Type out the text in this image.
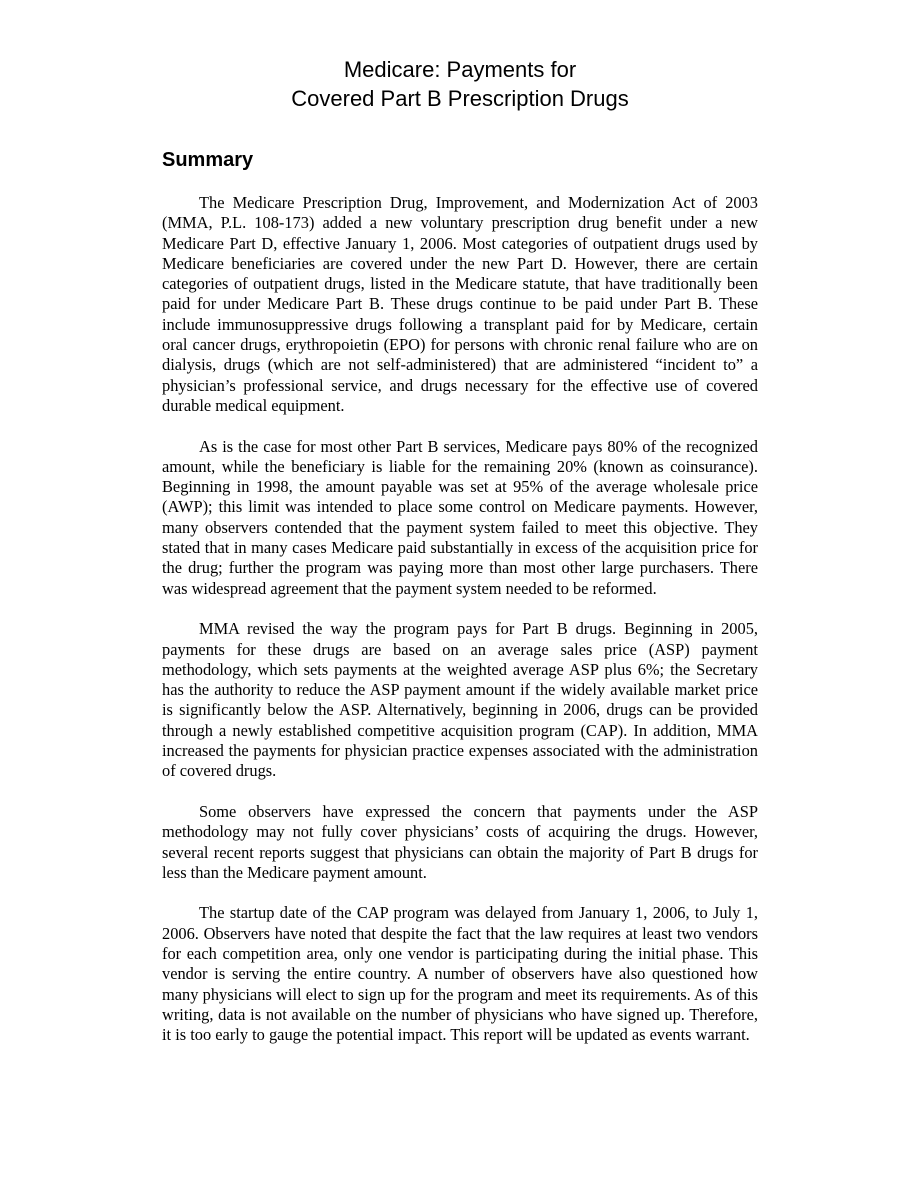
Medicare: Payments for
Covered Part B Prescription Drugs
Summary

The Medicare Prescription Drug, Improvement, and Modernization Act of 2003 (MMA, P.L. 108-173) added a new voluntary prescription drug benefit under a new Medicare Part D, effective January 1, 2006. Most categories of outpatient drugs used by Medicare beneficiaries are covered under the new Part D. However, there are certain categories of outpatient drugs, listed in the Medicare statute, that have traditionally been paid for under Medicare Part B. These drugs continue to be paid under Part B. These include immunosuppressive drugs following a transplant paid for by Medicare, certain oral cancer drugs, erythropoietin (EPO) for persons with chronic renal failure who are on dialysis, drugs (which are not self-administered) that are administered “incident to” a physician’s professional service, and drugs necessary for the effective use of covered durable medical equipment.

As is the case for most other Part B services, Medicare pays 80% of the recognized amount, while the beneficiary is liable for the remaining 20% (known as coinsurance). Beginning in 1998, the amount payable was set at 95% of the average wholesale price (AWP); this limit was intended to place some control on Medicare payments. However, many observers contended that the payment system failed to meet this objective. They stated that in many cases Medicare paid substantially in excess of the acquisition price for the drug; further the program was paying more than most other large purchasers. There was widespread agreement that the payment system needed to be reformed.

MMA revised the way the program pays for Part B drugs. Beginning in 2005, payments for these drugs are based on an average sales price (ASP) payment methodology, which sets payments at the weighted average ASP plus 6%; the Secretary has the authority to reduce the ASP payment amount if the widely available market price is significantly below the ASP. Alternatively, beginning in 2006, drugs can be provided through a newly established competitive acquisition program (CAP). In addition, MMA increased the payments for physician practice expenses associated with the administration of covered drugs.

Some observers have expressed the concern that payments under the ASP methodology may not fully cover physicians’ costs of acquiring the drugs. However, several recent reports suggest that physicians can obtain the majority of Part B drugs for less than the Medicare payment amount.

The startup date of the CAP program was delayed from January 1, 2006, to July 1, 2006. Observers have noted that despite the fact that the law requires at least two vendors for each competition area, only one vendor is participating during the initial phase. This vendor is serving the entire country. A number of observers have also questioned how many physicians will elect to sign up for the program and meet its requirements. As of this writing, data is not available on the number of physicians who have signed up. Therefore, it is too early to gauge the potential impact. This report will be updated as events warrant.
